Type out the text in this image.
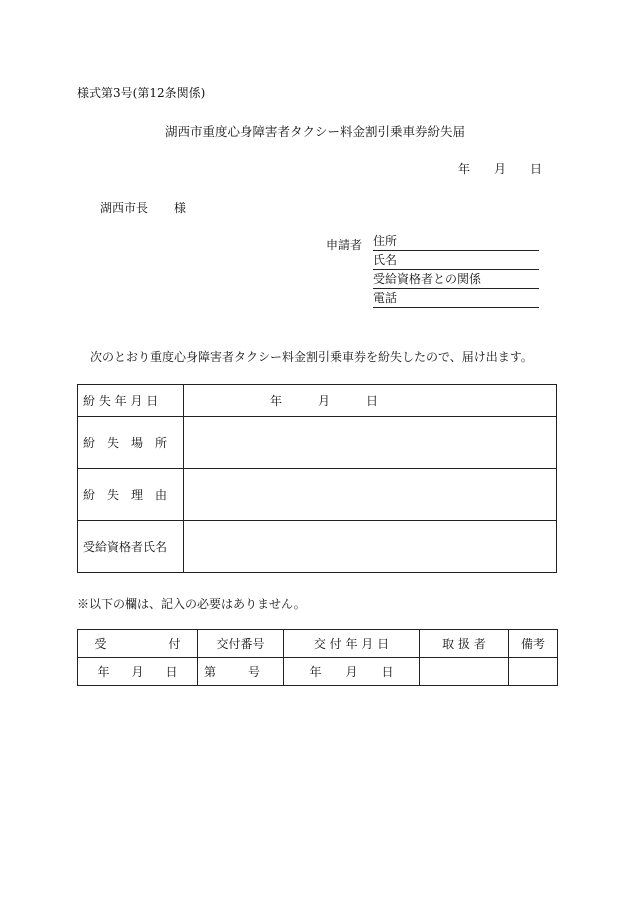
様式第3号(第12条関係)
湖西市重度心身障害者タクシー料金割引乗車券紛失届
年 月 日
湖西市長 様
申請者 住所
氏名
受給資格者との関係
電話
次のとおり重度心身障害者タクシー料金割引乗車券を紛失したので、届け出ます。
紛 失 年 月 日	年 月 日
紛　失　場　所	
紛　失　理　由	
受給資格者氏名	
※以下の欄は、記入の必要はありません。
受 付	交付番号	交 付 年 月 日	取 扱 者	備考
年 月 日	第 号	年 月 日		
